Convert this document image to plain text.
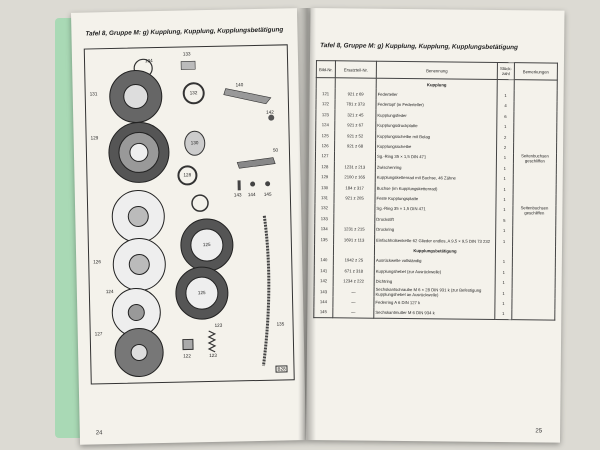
Tafel 8, Gruppe M: g) Kupplung, Kupplung, Kupplungsbetätigung
134
133
131	132
140
142
129
130
128
50
143 144 145
125
126
135
125
124
123
127
122	123
B28
24
Tafel 8, Gruppe M: g) Kupplung, Kupplung, Kupplungsbetätigung
Bild-Nr.	Ersatzteil-Nr.	Benennung	Stück-zahl	Bemerkungen
		Kupplung		
121	921 z 69	Federteller	1	
122	781 z 373	Federtopf (in Federteller)	4	
123	321 z 45	Kupplungsfeder	6	
124	921 z 67	Kupplungsdruckplatte	1	
125	921 z 52	Kupplungsscheibe mit Belag	2	
126	921 z 68	Kupplungsscheibe	2	
127		Sg.-Ring 35 × 1,5 DIN 471	1	Seitenbuchsen geschliffen
128	1231 z 213	Zwischenring	1	
129	2100 z 165	Kupplungskettenrad mit Buchse, 46 Zähne	1	
130	184 z 317	Buchse (im Kupplungskettenrad)	1	
131	921 z 205	Feste Kupplungsplatte	1	
132		Sg.-Ring 35 × 1,5 DIN 471	1	Seitenbuchsen geschliffen
133		Druckstift	5	
134	1231 z 215	Druckring	1	
135	1691 z 113	Einfachhülsenkette 62 Glieder endlos, A 9,5 × 9,5 DIN 73 232	1	
		Kupplungsbetätigung		
140	1942 z 25	Ausrückwelle vollständig	1	
141	671 z 318	Kupplungshebel (zur Ausrückwelle)	1	
142	1234 z 222	Dichtring	1	
143	—	Sechskantschraube M 6 × 28 DIN 931 k (zur Befestigung Kupplungshebel an Ausrückwelle)	1	
144	—	Federring A 6 DIN 127 k	1	
145	—	Sechskantmutter M 6 DIN 934 k	1	
25
